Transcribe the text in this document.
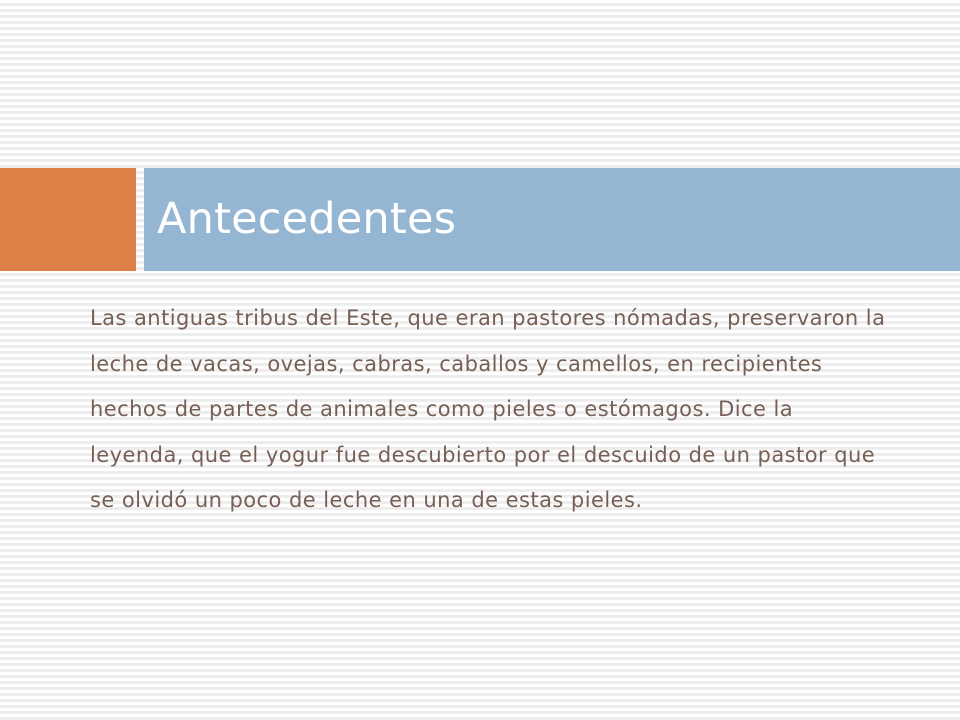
Antecedentes

Las antiguas tribus del Este, que eran pastores nómadas, preservaron la leche de vacas, ovejas, cabras, caballos y camellos, en recipientes hechos de partes de animales como pieles o estómagos. Dice la leyenda, que el yogur fue descubierto por el descuido de un pastor que se olvidó un poco de leche en una de estas pieles.
